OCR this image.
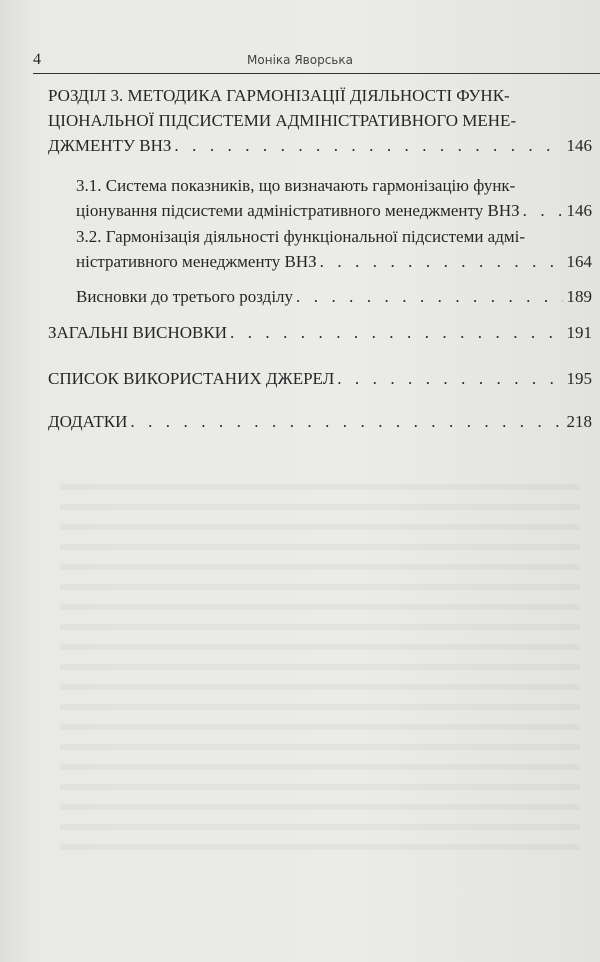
4	Моніка Яворська
РОЗДІЛ 3. МЕТОДИКА ГАРМОНІЗАЦІЇ ДІЯЛЬНОСТІ ФУНК-
ЦІОНАЛЬНОЇ ПІДСИСТЕМИ АДМІНІСТРАТИВНОГО МЕНЕ-
ДЖМЕНТУ ВНЗ . . .	146
3.1. Система показників, що визначають гармонізацію функ-
ціонування підсистеми адміністративного менеджменту ВНЗ . . .	146
3.2. Гармонізація діяльності функціональної підсистеми адмі-
ністративного менеджменту ВНЗ . . .	164
Висновки до третього розділу . . .	189
ЗАГАЛЬНІ ВИСНОВКИ . . .	191
СПИСОК ВИКОРИСТАНИХ ДЖЕРЕЛ . . .	195
ДОДАТКИ . . .	218
